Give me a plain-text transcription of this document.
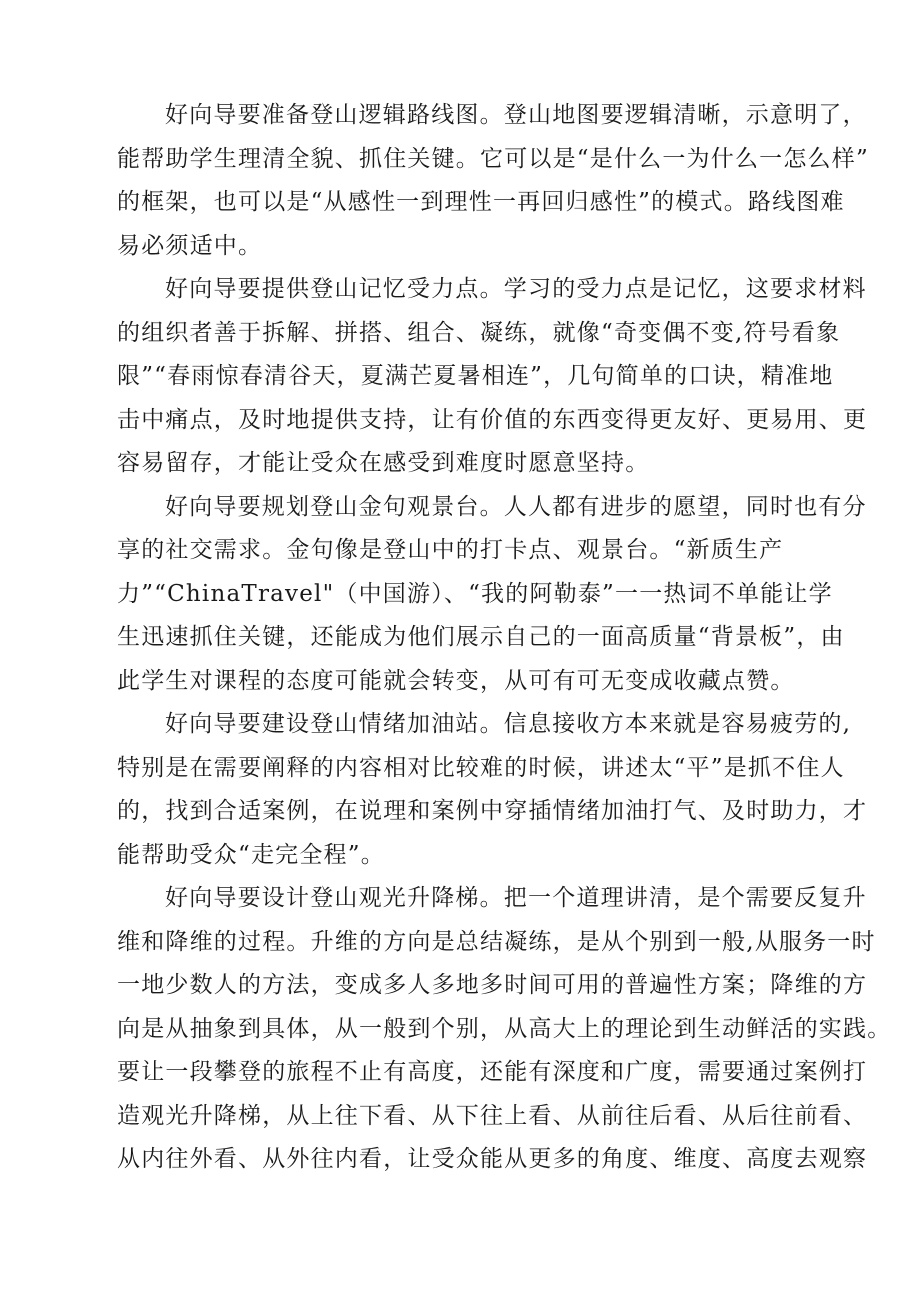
好向导要准备登山逻辑路线图。登山地图要逻辑清晰，示意明了，
能帮助学生理清全貌、抓住关键。它可以是“是什么一为什么一怎么样”
的框架，也可以是“从感性一到理性一再回归感性”的模式。路线图难
易必须适中。
好向导要提供登山记忆受力点。学习的受力点是记忆，这要求材料
的组织者善于拆解、拼搭、组合、凝练，就像“奇变偶不变,符号看象
限”“春雨惊春清谷天，夏满芒夏暑相连”，几句简单的口诀，精准地
击中痛点，及时地提供支持，让有价值的东西变得更友好、更易用、更
容易留存，才能让受众在感受到难度时愿意坚持。
好向导要规划登山金句观景台。人人都有进步的愿望，同时也有分
享的社交需求。金句像是登山中的打卡点、观景台。“新质生产
力”“ChinaTravel"（中国游）、“我的阿勒泰”一一热词不单能让学
生迅速抓住关键，还能成为他们展示自己的一面高质量“背景板”，由
此学生对课程的态度可能就会转变，从可有可无变成收藏点赞。
好向导要建设登山情绪加油站。信息接收方本来就是容易疲劳的,
特别是在需要阐释的内容相对比较难的时候，讲述太“平”是抓不住人
的，找到合适案例，在说理和案例中穿插情绪加油打气、及时助力，才
能帮助受众“走完全程”。
好向导要设计登山观光升降梯。把一个道理讲清，是个需要反复升
维和降维的过程。升维的方向是总结凝练，是从个别到一般,从服务一时
一地少数人的方法，变成多人多地多时间可用的普遍性方案；降维的方
向是从抽象到具体，从一般到个别，从高大上的理论到生动鲜活的实践。
要让一段攀登的旅程不止有高度，还能有深度和广度，需要通过案例打
造观光升降梯，从上往下看、从下往上看、从前往后看、从后往前看、
从内往外看、从外往内看，让受众能从更多的角度、维度、高度去观察
